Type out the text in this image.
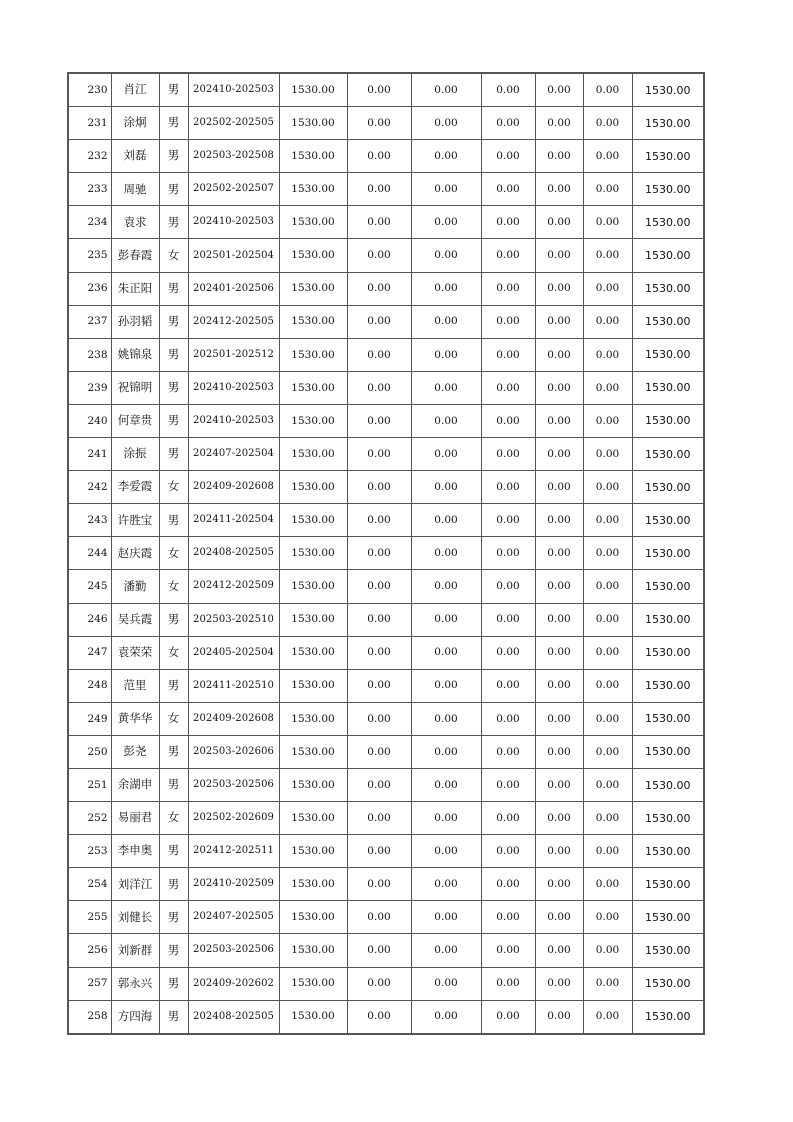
230	肖江	男	202410-202503	1530.00	0.00	0.00	0.00	0.00	0.00	1530.00
231	涂炯	男	202502-202505	1530.00	0.00	0.00	0.00	0.00	0.00	1530.00
232	刘磊	男	202503-202508	1530.00	0.00	0.00	0.00	0.00	0.00	1530.00
233	周驰	男	202502-202507	1530.00	0.00	0.00	0.00	0.00	0.00	1530.00
234	袁求	男	202410-202503	1530.00	0.00	0.00	0.00	0.00	0.00	1530.00
235	彭春霞	女	202501-202504	1530.00	0.00	0.00	0.00	0.00	0.00	1530.00
236	朱正阳	男	202401-202506	1530.00	0.00	0.00	0.00	0.00	0.00	1530.00
237	孙羽韬	男	202412-202505	1530.00	0.00	0.00	0.00	0.00	0.00	1530.00
238	姚锦泉	男	202501-202512	1530.00	0.00	0.00	0.00	0.00	0.00	1530.00
239	祝锦明	男	202410-202503	1530.00	0.00	0.00	0.00	0.00	0.00	1530.00
240	何章贵	男	202410-202503	1530.00	0.00	0.00	0.00	0.00	0.00	1530.00
241	涂振	男	202407-202504	1530.00	0.00	0.00	0.00	0.00	0.00	1530.00
242	李爱霞	女	202409-202608	1530.00	0.00	0.00	0.00	0.00	0.00	1530.00
243	许胜宝	男	202411-202504	1530.00	0.00	0.00	0.00	0.00	0.00	1530.00
244	赵庆霞	女	202408-202505	1530.00	0.00	0.00	0.00	0.00	0.00	1530.00
245	潘勤	女	202412-202509	1530.00	0.00	0.00	0.00	0.00	0.00	1530.00
246	吴兵霞	男	202503-202510	1530.00	0.00	0.00	0.00	0.00	0.00	1530.00
247	袁荣荣	女	202405-202504	1530.00	0.00	0.00	0.00	0.00	0.00	1530.00
248	范里	男	202411-202510	1530.00	0.00	0.00	0.00	0.00	0.00	1530.00
249	黄华华	女	202409-202608	1530.00	0.00	0.00	0.00	0.00	0.00	1530.00
250	彭尧	男	202503-202606	1530.00	0.00	0.00	0.00	0.00	0.00	1530.00
251	余湖申	男	202503-202506	1530.00	0.00	0.00	0.00	0.00	0.00	1530.00
252	易丽君	女	202502-202609	1530.00	0.00	0.00	0.00	0.00	0.00	1530.00
253	李申奥	男	202412-202511	1530.00	0.00	0.00	0.00	0.00	0.00	1530.00
254	刘洋江	男	202410-202509	1530.00	0.00	0.00	0.00	0.00	0.00	1530.00
255	刘健长	男	202407-202505	1530.00	0.00	0.00	0.00	0.00	0.00	1530.00
256	刘新群	男	202503-202506	1530.00	0.00	0.00	0.00	0.00	0.00	1530.00
257	郭永兴	男	202409-202602	1530.00	0.00	0.00	0.00	0.00	0.00	1530.00
258	方四海	男	202408-202505	1530.00	0.00	0.00	0.00	0.00	0.00	1530.00
